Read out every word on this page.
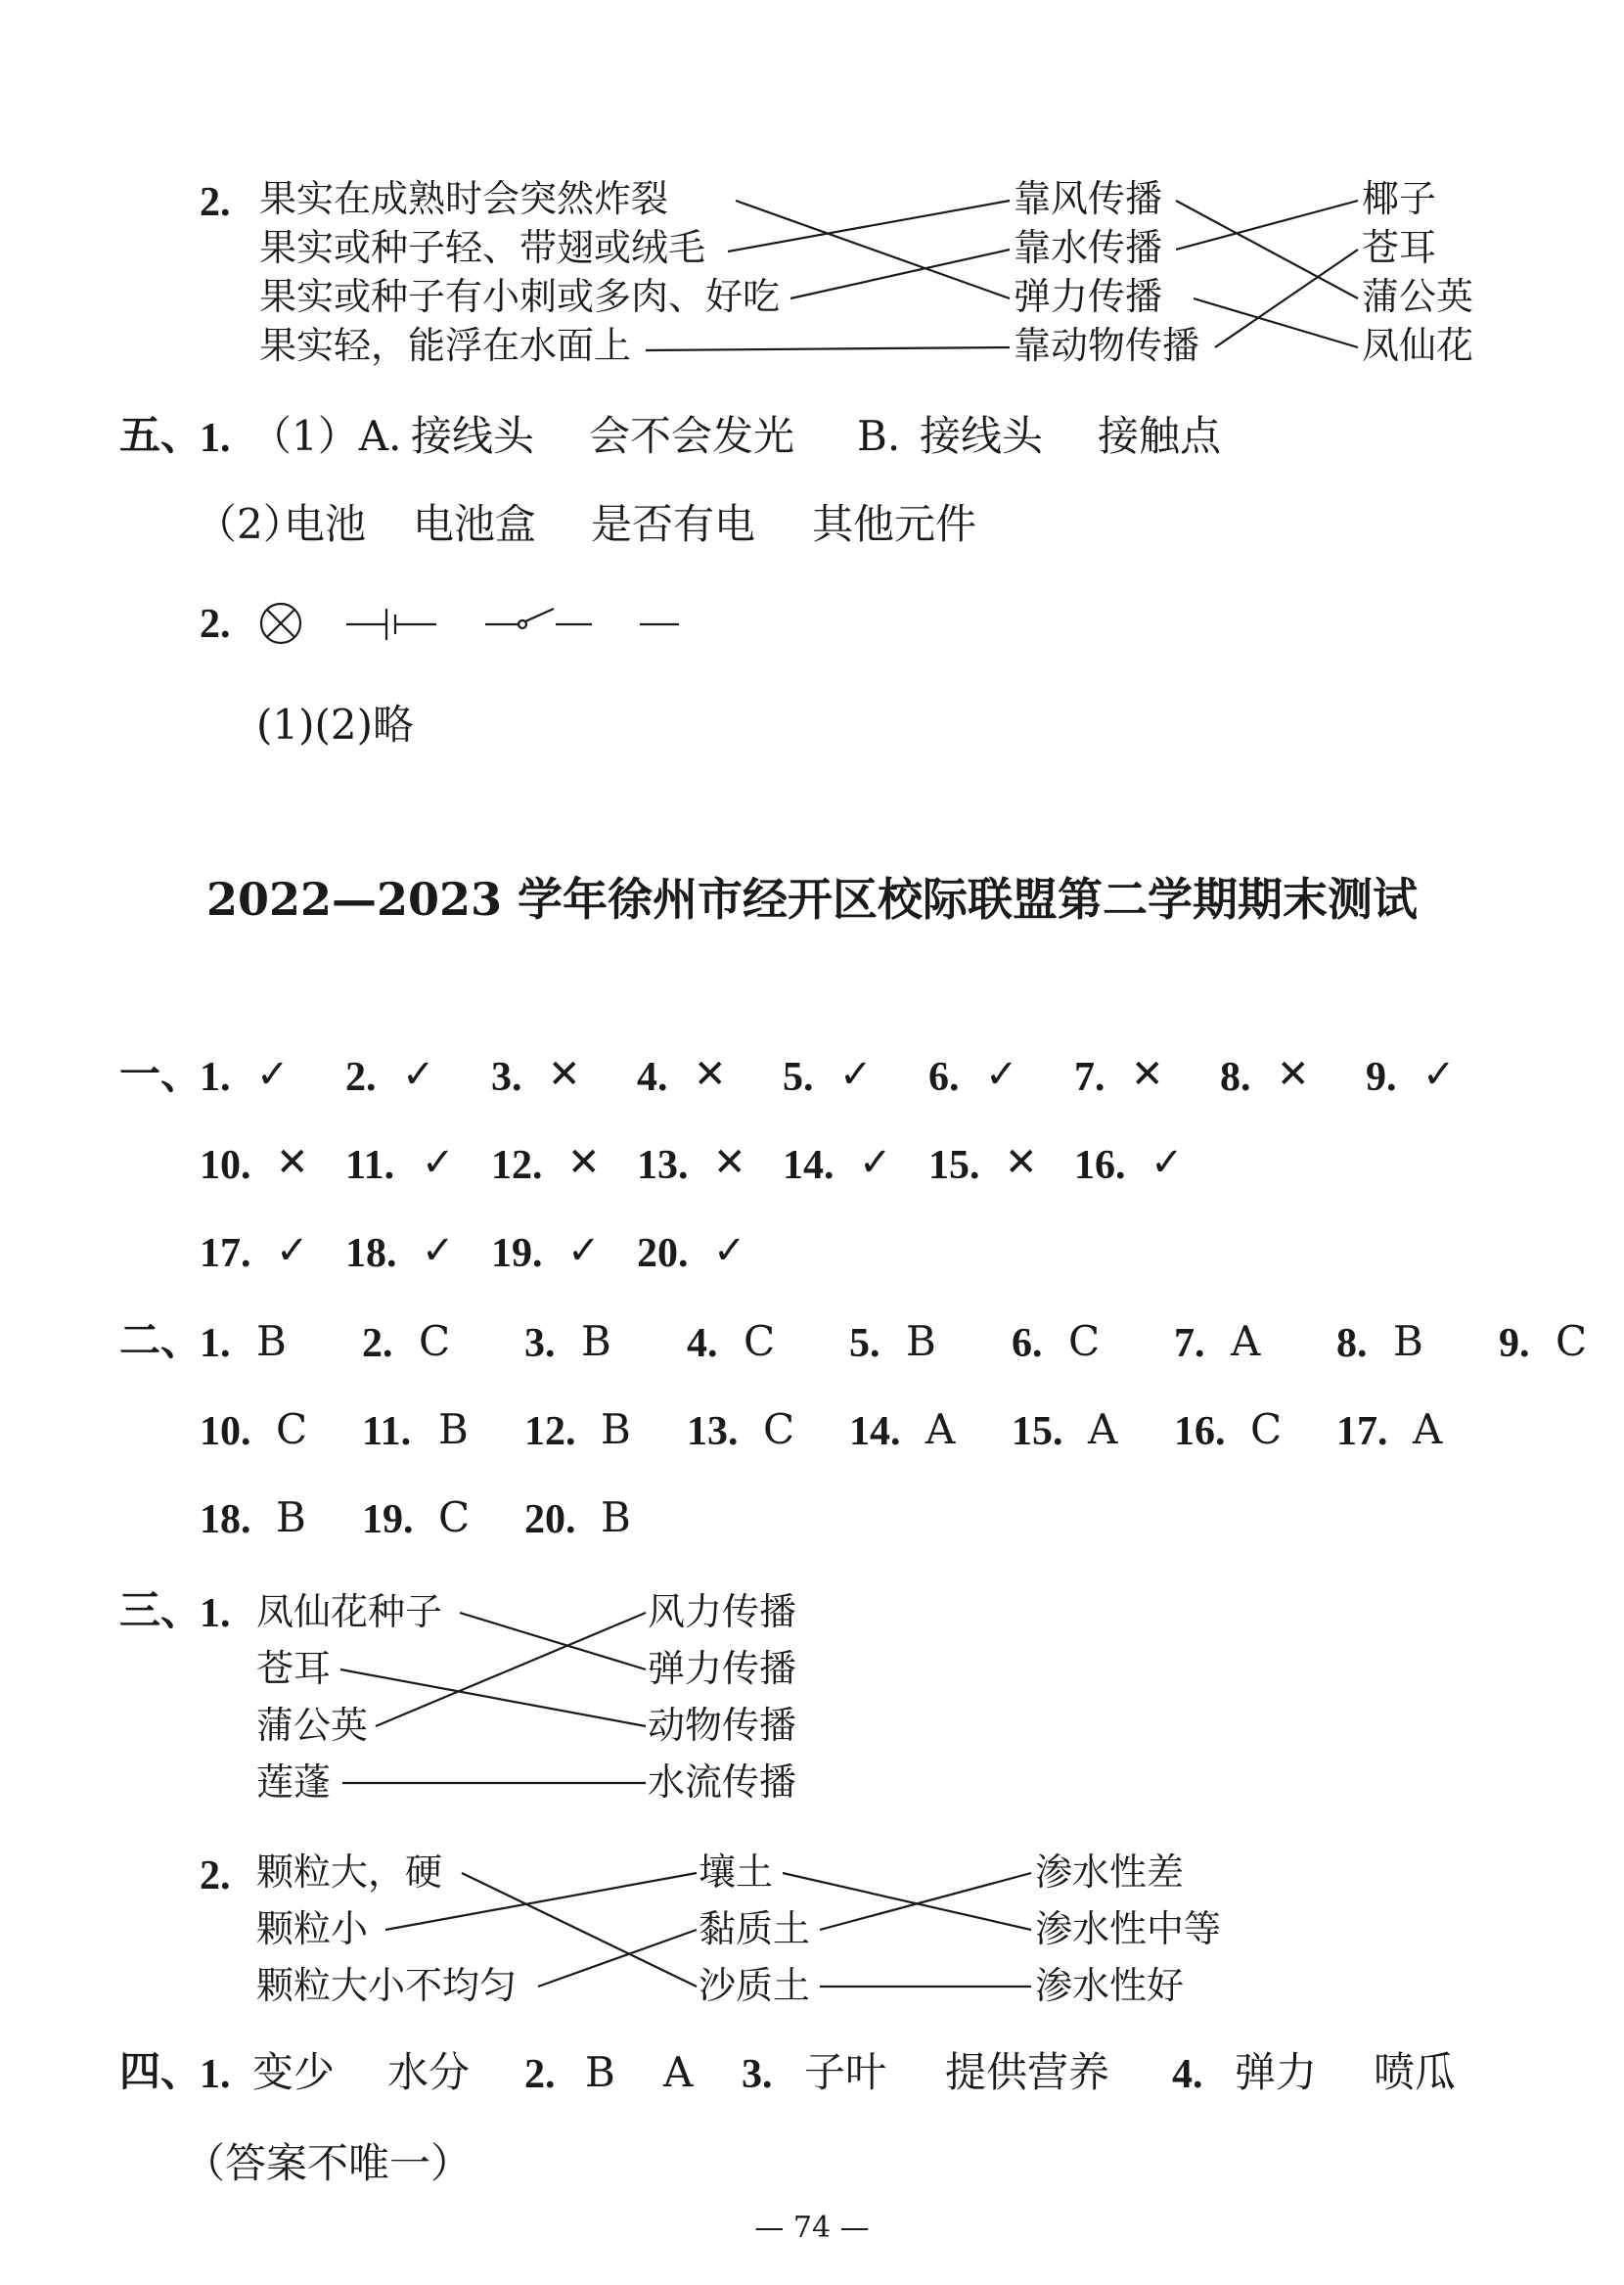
2. 果实在成熟时会突然炸裂
果实或种子轻、带翅或绒毛
果实或种子有小刺或多肉、好吃
果实轻，能浮在水面上
靠风传播
靠水传播
弹力传播
靠动物传播
椰子
苍耳
蒲公英
凤仙花
五、
1. （1）A. 接线头 会不会发光 B. 接线头 接触点
（2）
电池 电池盒 是否有电 其他元件
2.
(1)(2)略
2022—2023 学年徐州市经开区校际联盟第二学期期末测试
一、
1. ✓ 2. ✓ 3. ✕ 4. ✕ 5. ✓ 6. ✓ 7. ✕ 8. ✕ 9. ✓
10. ✕ 11. ✓ 12. ✕ 13. ✕ 14. ✓ 15. ✕ 16. ✓
17. ✓ 18. ✓ 19. ✓ 20. ✓
二、
1. B 2. C 3. B 4. C 5. B 6. C 7. A 8. B 9. C
10. C 11. B 12. B 13. C 14. A 15. A 16. C 17. A
18. B 19. C 20. B
三、
1. 凤仙花种子
苍耳
蒲公英
莲蓬
风力传播
弹力传播
动物传播
水流传播
2. 颗粒大，硬
颗粒小
颗粒大小不均匀
壤土
黏质土
沙质土
渗水性差
渗水性中等
渗水性好
四、
1. 变少 水分 2. B A 3. 子叶 提供营养 4. 弹力 喷瓜
（答案不唯一）
— 74 —
